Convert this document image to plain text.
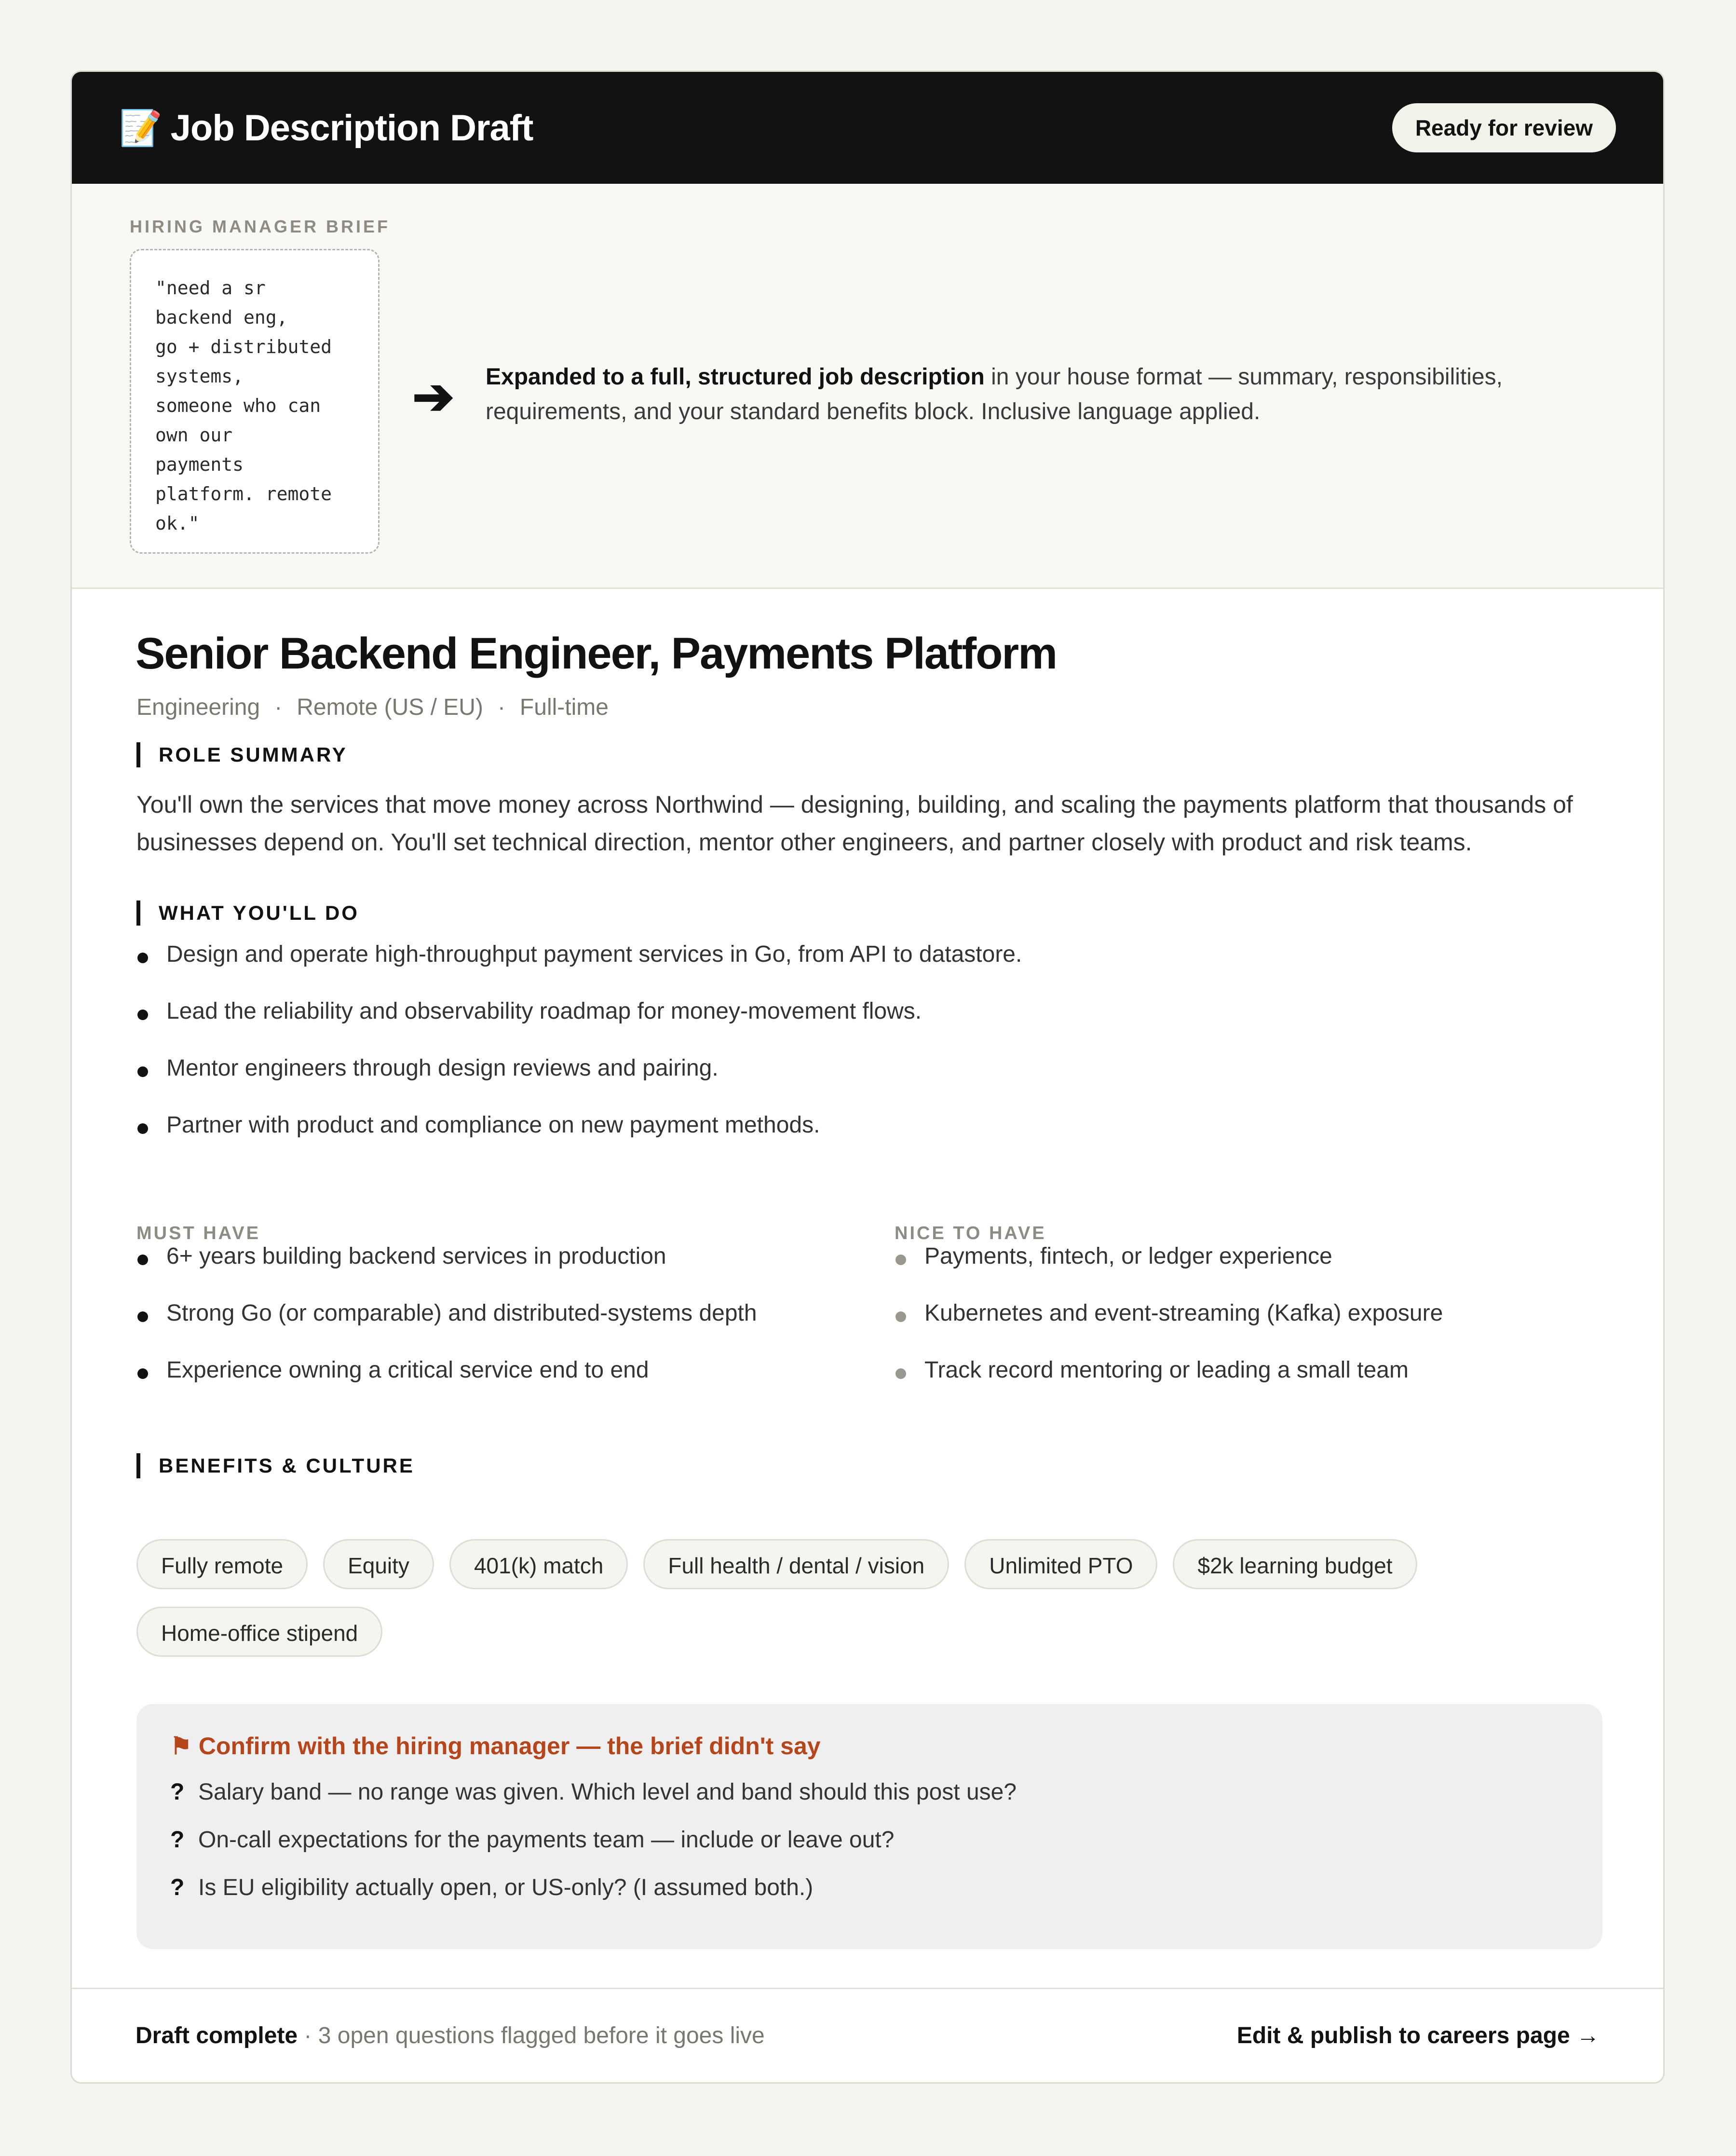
📝 Job Description Draft	Ready for review
HIRING MANAGER BRIEF
"need a sr
backend eng,
go + distributed
systems,
someone who can
own our
payments
platform. remote
ok."
➔ Expanded to a full, structured job description in your house format — summary, responsibilities, requirements, and your standard benefits block. Inclusive language applied.
Senior Backend Engineer, Payments Platform
Engineering · Remote (US / EU) · Full-time
ROLE SUMMARY
You'll own the services that move money across Northwind — designing, building, and scaling the payments platform that thousands of businesses depend on. You'll set technical direction, mentor other engineers, and partner closely with product and risk teams.
WHAT YOU'LL DO
Design and operate high-throughput payment services in Go, from API to datastore.
Lead the reliability and observability roadmap for money-movement flows.
Mentor engineers through design reviews and pairing.
Partner with product and compliance on new payment methods.
MUST HAVE
6+ years building backend services in production
Strong Go (or comparable) and distributed-systems depth
Experience owning a critical service end to end
NICE TO HAVE
Payments, fintech, or ledger experience
Kubernetes and event-streaming (Kafka) exposure
Track record mentoring or leading a small team
BENEFITS & CULTURE
Fully remote	Equity	401(k) match	Full health / dental / vision	Unlimited PTO	$2k learning budget
Home-office stipend
⚑ Confirm with the hiring manager — the brief didn't say
? Salary band — no range was given. Which level and band should this post use?
? On-call expectations for the payments team — include or leave out?
? Is EU eligibility actually open, or US-only? (I assumed both.)
Draft complete · 3 open questions flagged before it goes live	Edit & publish to careers page →
